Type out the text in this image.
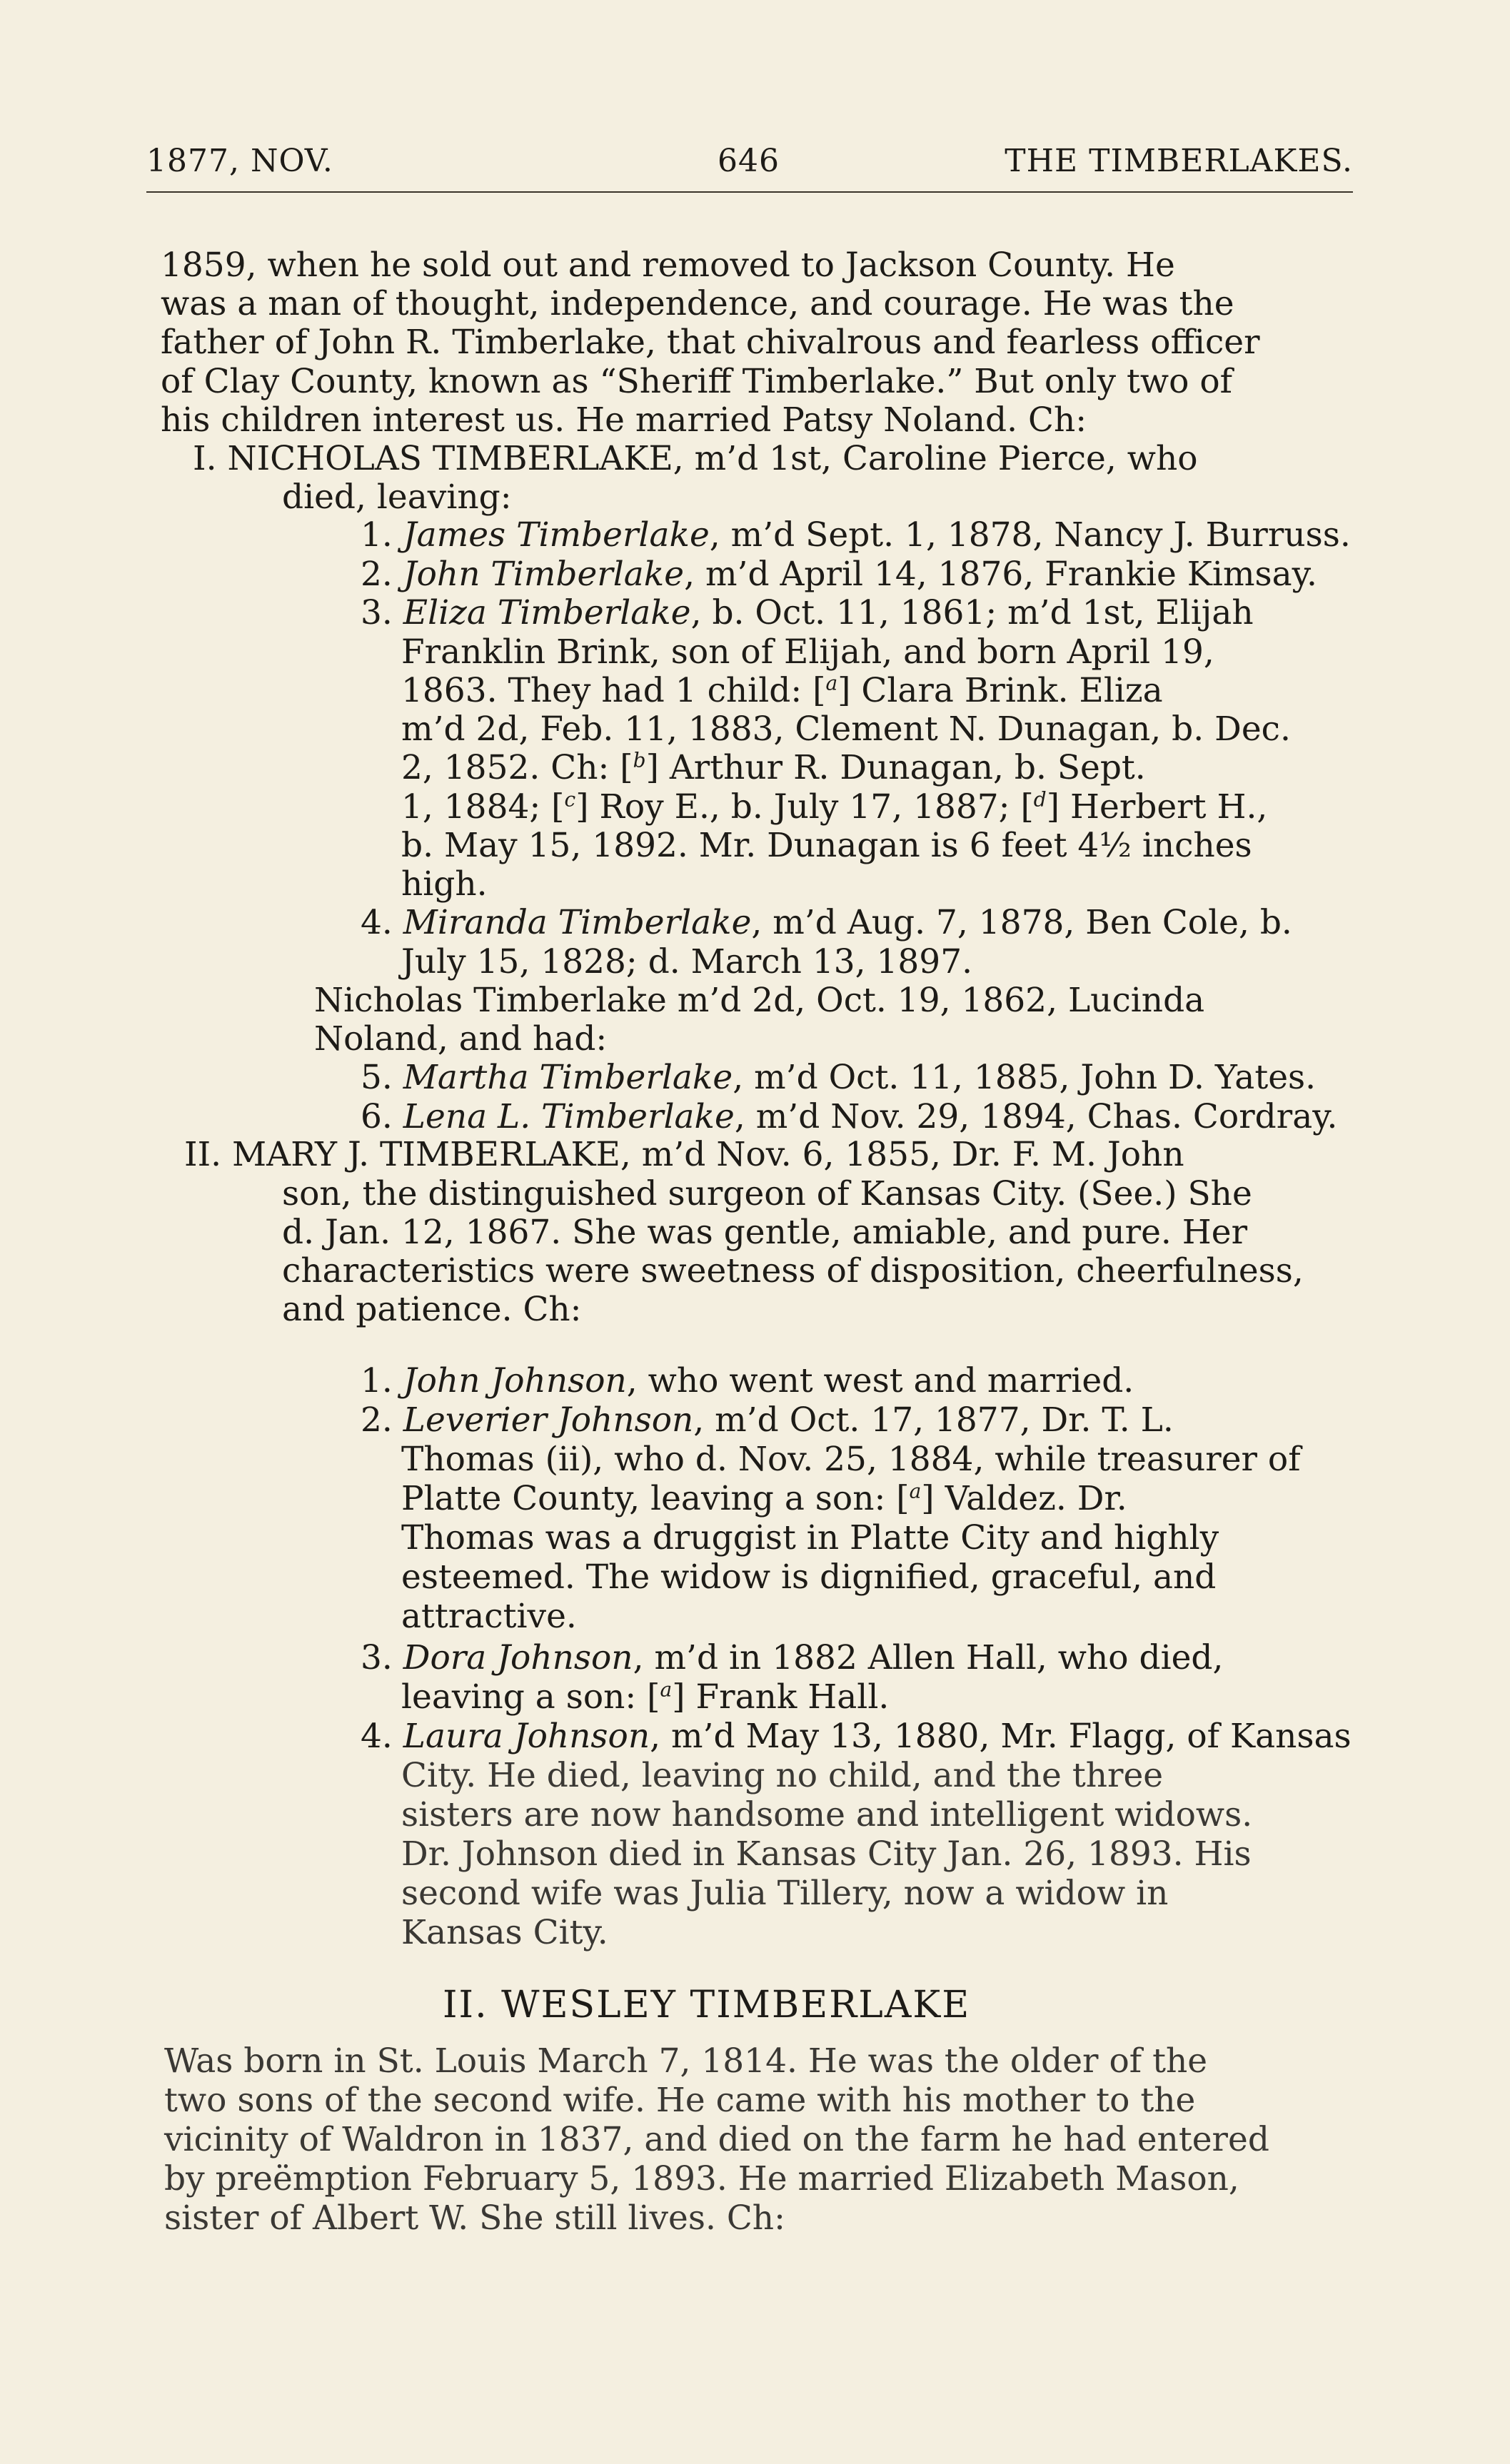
1877, NOV.	646	THE TIMBERLAKES.
1859, when he sold out and removed to Jackson County. He
was a man of thought, independence, and courage. He was the
father of John R. Timberlake, that chivalrous and fearless officer
of Clay County, known as “Sheriff Timberlake.” But only two of
his children interest us. He married Patsy Noland. Ch:
I. NICHOLAS TIMBERLAKE, m’d 1st, Caroline Pierce, who
died, leaving:
1. James Timberlake, m’d Sept. 1, 1878, Nancy J. Burruss.
2. John Timberlake, m’d April 14, 1876, Frankie Kimsay.
3. Eliza Timberlake, b. Oct. 11, 1861; m’d 1st, Elijah
Franklin Brink, son of Elijah, and born April 19,
1863. They had 1 child: [$^a$] Clara Brink. Eliza
m’d 2d, Feb. 11, 1883, Clement N. Dunagan, b. Dec.
2, 1852. Ch: [$^b$] Arthur R. Dunagan, b. Sept.
1, 1884; [$^c$] Roy E., b. July 17, 1887; [$^d$] Herbert H.,
b. May 15, 1892. Mr. Dunagan is 6 feet 4½ inches
high.
4. Miranda Timberlake, m’d Aug. 7, 1878, Ben Cole, b.
July 15, 1828; d. March 13, 1897.
Nicholas Timberlake m’d 2d, Oct. 19, 1862, Lucinda
Noland, and had:
5. Martha Timberlake, m’d Oct. 11, 1885, John D. Yates.
6. Lena L. Timberlake, m’d Nov. 29, 1894, Chas. Cordray.
II. MARY J. TIMBERLAKE, m’d Nov. 6, 1855, Dr. F. M. John
son, the distinguished surgeon of Kansas City. (See.) She
d. Jan. 12, 1867. She was gentle, amiable, and pure. Her
characteristics were sweetness of disposition, cheerfulness,
and patience. Ch:
1. John Johnson, who went west and married.
2. Leverier Johnson, m’d Oct. 17, 1877, Dr. T. L.
Thomas (ii), who d. Nov. 25, 1884, while treasurer of
Platte County, leaving a son: [$^a$] Valdez. Dr.
Thomas was a druggist in Platte City and highly
esteemed. The widow is dignified, graceful, and
attractive.
3. Dora Johnson, m’d in 1882 Allen Hall, who died,
leaving a son: [$^a$] Frank Hall.
4. Laura Johnson, m’d May 13, 1880, Mr. Flagg, of Kansas
City. He died, leaving no child, and the three
sisters are now handsome and intelligent widows.
Dr. Johnson died in Kansas City Jan. 26, 1893. His
second wife was Julia Tillery, now a widow in
Kansas City.
II. WESLEY TIMBERLAKE
Was born in St. Louis March 7, 1814. He was the older of the
two sons of the second wife. He came with his mother to the
vicinity of Waldron in 1837, and died on the farm he had entered
by preëmption February 5, 1893. He married Elizabeth Mason,
sister of Albert W. She still lives. Ch:
